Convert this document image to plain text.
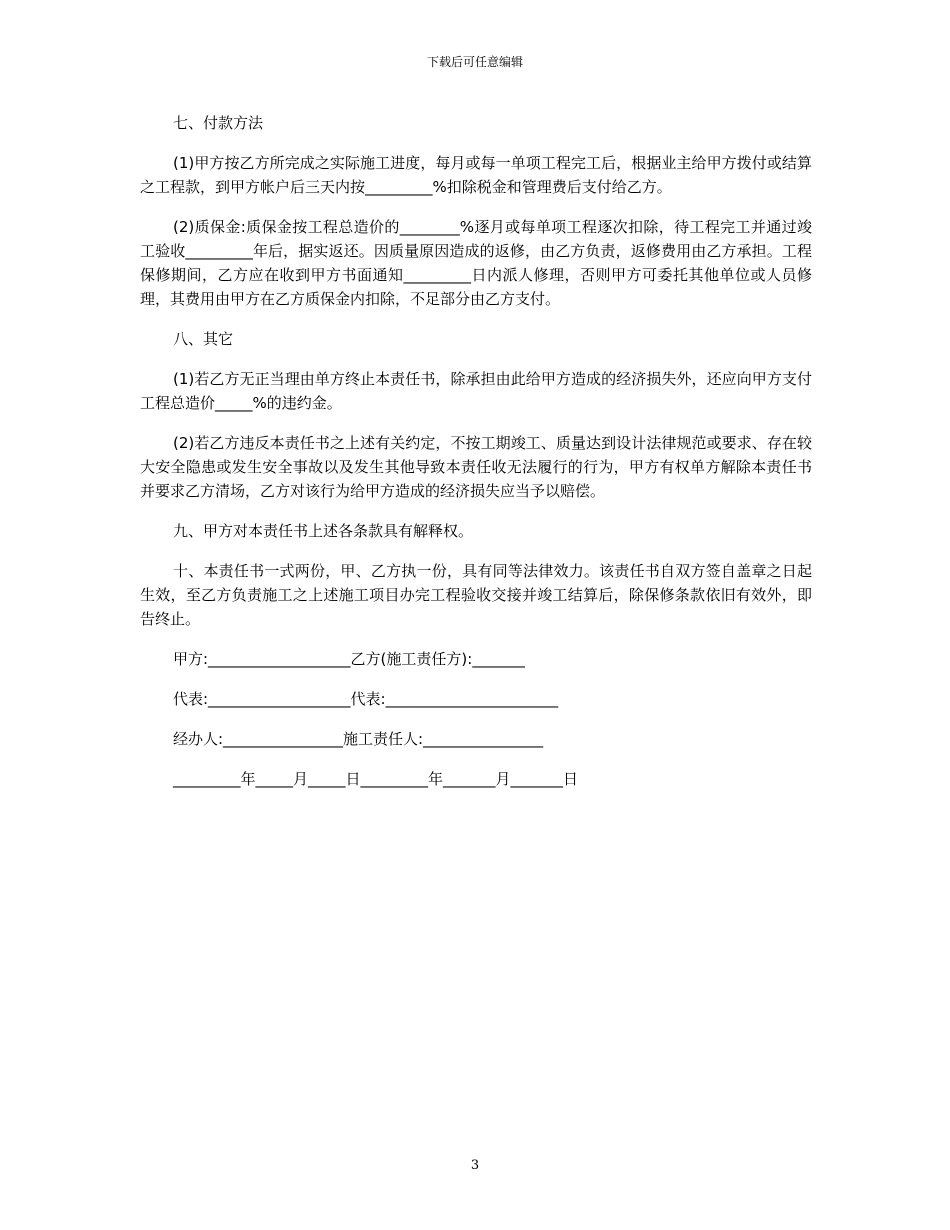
下载后可任意编辑

七、付款方法

(1)甲方按乙方所完成之实际施工进度，每月或每一单项工程完工后，根据业主给甲方拨付或结算之工程款，到甲方帐户后三天内按_________%扣除税金和管理费后支付给乙方。

(2)质保金:质保金按工程总造价的________%逐月或每单项工程逐次扣除，待工程完工并通过竣工验收_________年后，据实返还。因质量原因造成的返修，由乙方负责，返修费用由乙方承担。工程保修期间，乙方应在收到甲方书面通知_________日内派人修理，否则甲方可委托其他单位或人员修理，其费用由甲方在乙方质保金内扣除，不足部分由乙方支付。

八、其它

(1)若乙方无正当理由单方终止本责任书，除承担由此给甲方造成的经济损失外，还应向甲方支付工程总造价_____%的违约金。

(2)若乙方违反本责任书之上述有关约定，不按工期竣工、质量达到设计法律规范或要求、存在较大安全隐患或发生安全事故以及发生其他导致本责任收无法履行的行为，甲方有权单方解除本责任书并要求乙方清场，乙方对该行为给甲方造成的经济损失应当予以赔偿。

九、甲方对本责任书上述各条款具有解释权。

十、本责任书一式两份，甲、乙方执一份，具有同等法律效力。该责任书自双方签自盖章之日起生效，至乙方负责施工之上述施工项目办完工程验收交接并竣工结算后，除保修条款依旧有效外，即告终止。

甲方:___________________乙方(施工责任方):_______
代表:___________________代表:_______________________
经办人:________________施工责任人:________________
_________年_____月_____日_________年_______月_______日
3
